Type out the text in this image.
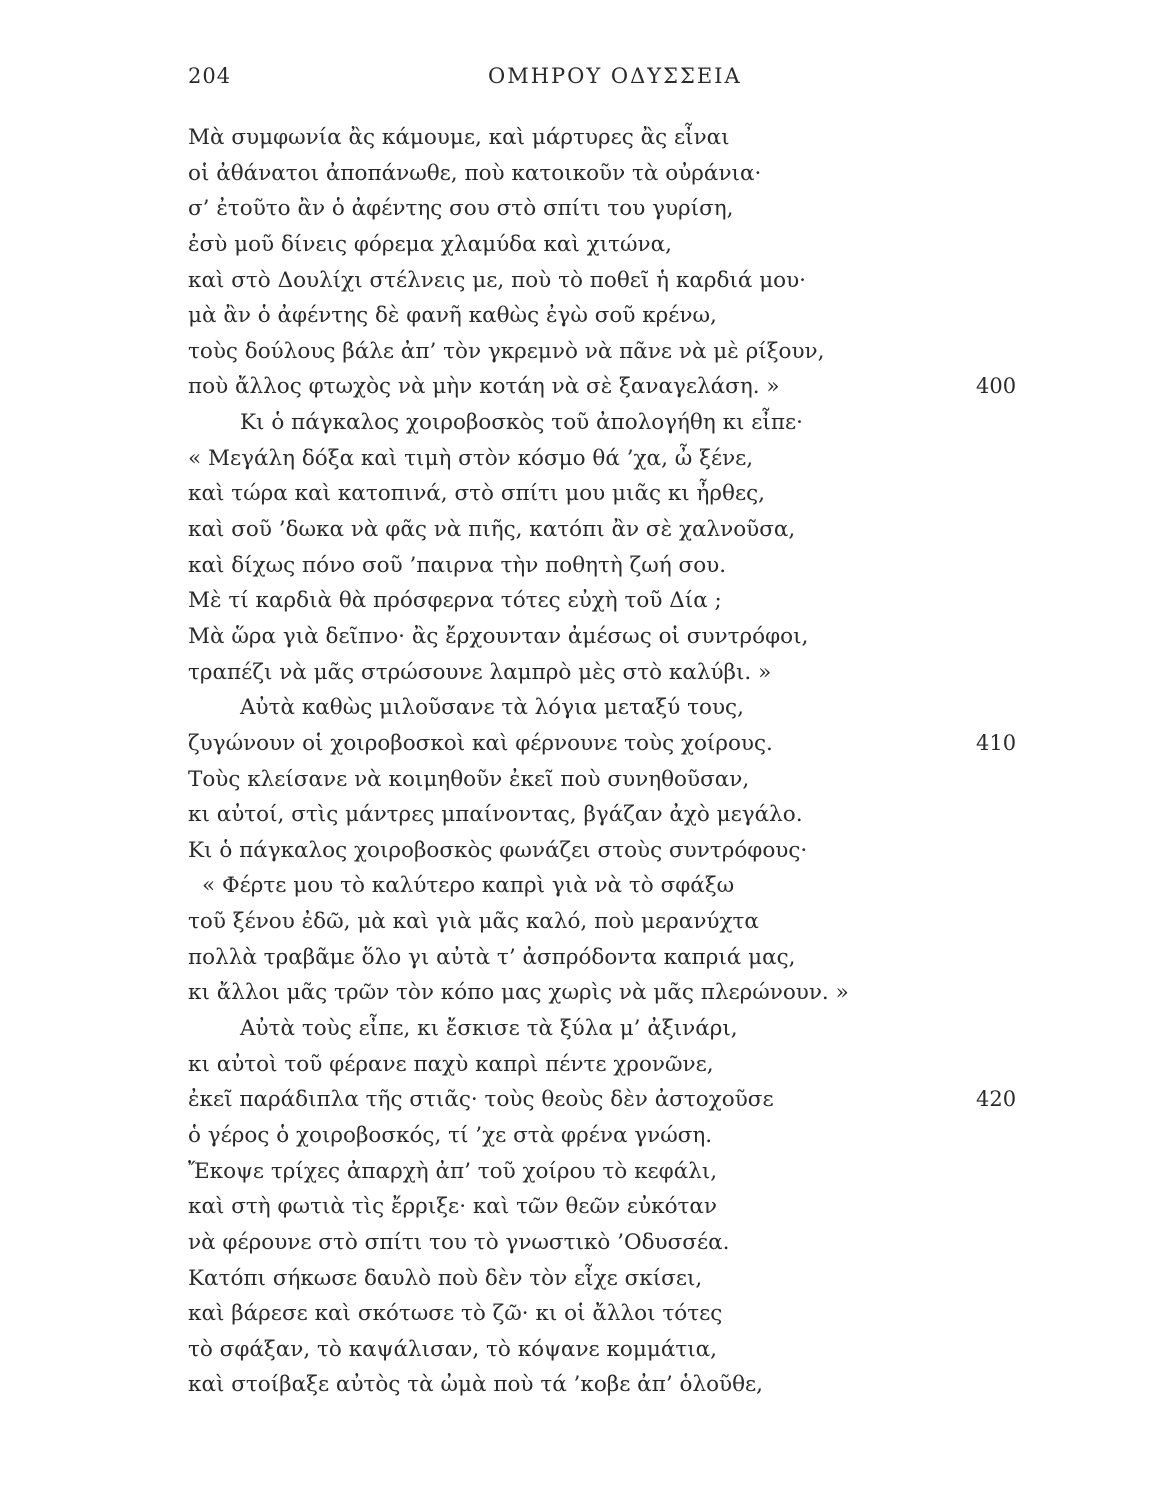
204	ΟΜΗΡΟΥ ΟΔΥΣΣΕΙΑ
Μὰ συμφωνία ἂς κάμουμε, καὶ μάρτυρες ἂς εἶναι
οἱ ἀθάνατοι ἀποπάνωθε, ποὺ κατοικοῦν τὰ οὐράνια·
σ’ ἐτοῦτο ἂν ὁ ἀφέντης σου στὸ σπίτι του γυρίση,
ἐσὺ μοῦ δίνεις φόρεμα χλαμύδα καὶ χιτώνα,
καὶ στὸ Δουλίχι στέλνεις με, ποὺ τὸ ποθεῖ ἡ καρδιά μου·
μὰ ἂν ὁ ἀφέντης δὲ φανῆ καθὼς ἐγὼ σοῦ κρένω,
τοὺς δούλους βάλε ἀπ’ τὸν γκρεμνὸ νὰ πᾶνε νὰ μὲ ρίξουν,
ποὺ ἄλλος φτωχὸς νὰ μὴν κοτάη νὰ σὲ ξαναγελάση. »	400
Κι ὁ πάγκαλος χοιροβοσκὸς τοῦ ἀπολογήθη κι εἶπε·
« Μεγάλη δόξα καὶ τιμὴ στὸν κόσμο θά ’χα, ὦ ξένε,
καὶ τώρα καὶ κατοπινά, στὸ σπίτι μου μιᾶς κι ἦρθες,
καὶ σοῦ ’δωκα νὰ φᾶς νὰ πιῆς, κατόπι ἂν σὲ χαλνοῦσα,
καὶ δίχως πόνο σοῦ ’παιρνα τὴν ποθητὴ ζωή σου.
Μὲ τί καρδιὰ θὰ πρόσφερνα τότες εὐχὴ τοῦ Δία ;
Μὰ ὥρα γιὰ δεῖπνο· ἂς ἔρχουνταν ἀμέσως οἱ συντρόφοι,
τραπέζι νὰ μᾶς στρώσουνε λαμπρὸ μὲς στὸ καλύβι. »
Αὐτὰ καθὼς μιλοῦσανε τὰ λόγια μεταξύ τους,
ζυγώνουν οἱ χοιροβοσκοὶ καὶ φέρνουνε τοὺς χοίρους.	410
Τοὺς κλείσανε νὰ κοιμηθοῦν ἐκεῖ ποὺ συνηθοῦσαν,
κι αὐτοί, στὶς μάντρες μπαίνοντας, βγάζαν ἀχὸ μεγάλο.
Κι ὁ πάγκαλος χοιροβοσκὸς φωνάζει στοὺς συντρόφους·
« Φέρτε μου τὸ καλύτερο καπρὶ γιὰ νὰ τὸ σφάξω
τοῦ ξένου ἐδῶ, μὰ καὶ γιὰ μᾶς καλό, ποὺ μερανύχτα
πολλὰ τραβᾶμε ὅλο γι αὐτὰ τ’ ἀσπρόδοντα καπριά μας,
κι ἄλλοι μᾶς τρῶν τὸν κόπο μας χωρὶς νὰ μᾶς πλερώνουν. »
Αὐτὰ τοὺς εἶπε, κι ἔσκισε τὰ ξύλα μ’ ἀξινάρι,
κι αὐτοὶ τοῦ φέρανε παχὺ καπρὶ πέντε χρονῶνε,
ἐκεῖ παράδιπλα τῆς στιᾶς· τοὺς θεοὺς δὲν ἀστοχοῦσε	420
ὁ γέρος ὁ χοιροβοσκός, τί ’χε στὰ φρένα γνώση.
Ἔκοψε τρίχες ἀπαρχὴ ἀπ’ τοῦ χοίρου τὸ κεφάλι,
καὶ στὴ φωτιὰ τὶς ἔρριξε· καὶ τῶν θεῶν εὐκόταν
νὰ φέρουνε στὸ σπίτι του τὸ γνωστικὸ ’Οδυσσέα.
Κατόπι σήκωσε δαυλὸ ποὺ δὲν τὸν εἶχε σκίσει,
καὶ βάρεσε καὶ σκότωσε τὸ ζῶ· κι οἱ ἄλλοι τότες
τὸ σφάξαν, τὸ καψάλισαν, τὸ κόψανε κομμάτια,
καὶ στοίβαξε αὐτὸς τὰ ὠμὰ ποὺ τά ’κοβε ἀπ’ ὁλοῦθε,
